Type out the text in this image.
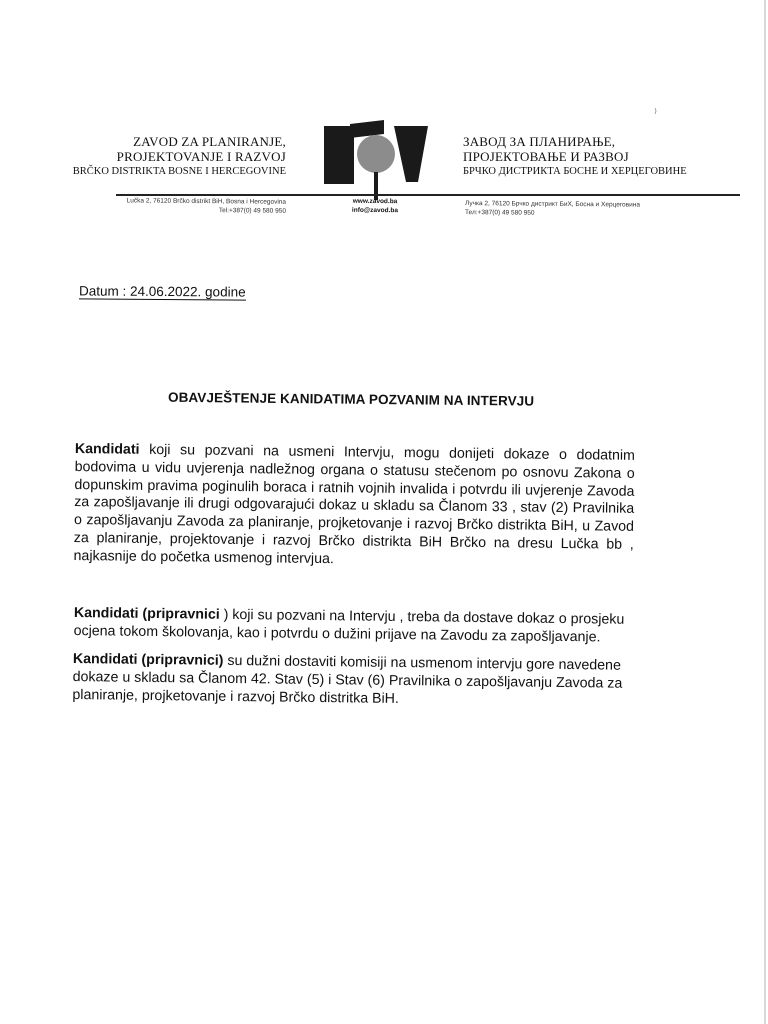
⁾
ZAVOD ZA PLANIRANJE,
PROJEKTOVANJE I RAZVOJ
BRČKO DISTRIKTA BOSNE I HERCEGOVINE
ЗАВОД ЗА ПЛАНИРАЊЕ,
ПРОЈЕКТОВАЊЕ И РАЗВОЈ
БРЧКО ДИСТРИКТА БОСНЕ И ХЕРЦЕГОВИНЕ
Lučka 2, 76120 Brčko distrikt BiH, Bosna i Hercegovina
Tel:+387(0) 49 580 950
www.zavod.ba
info@zavod.ba
Лучка 2, 76120 Брчко дистрикт БиХ, Босна и Херцеговина
Тел:+387(0) 49 580 950
Datum : 24.06.2022. godine
OBAVJEŠTENJE KANIDATIMA POZVANIM NA INTERVJU
Kandidati koji su pozvani na usmeni Intervju, mogu donijeti dokaze o dodatnim bodovima u vidu uvjerenja nadležnog organa o statusu stečenom po osnovu Zakona o dopunskim pravima poginulih boraca i ratnih vojnih invalida i potvrdu ili uvjerenje Zavoda za zapošljavanje ili drugi odgovarajući dokaz u skladu sa Članom 33 , stav (2) Pravilnika o zapošljavanju Zavoda za planiranje, projketovanje i razvoj Brčko distrikta BiH, u Zavod za planiranje, projektovanje i razvoj Brčko distrikta BiH Brčko na dresu Lučka bb , najkasnije do početka usmenog intervjua.
Kandidati (pripravnici ) koji su pozvani na Intervju , treba da dostave dokaz o prosjeku ocjena tokom školovanja, kao i potvrdu o dužini prijave na Zavodu za zapošljavanje.
Kandidati (pripravnici) su dužni dostaviti komisiji na usmenom intervju gore navedene dokaze u skladu sa Članom 42. Stav (5) i Stav (6) Pravilnika o zapošljavanju Zavoda za planiranje, projketovanje i razvoj Brčko distritka BiH.
